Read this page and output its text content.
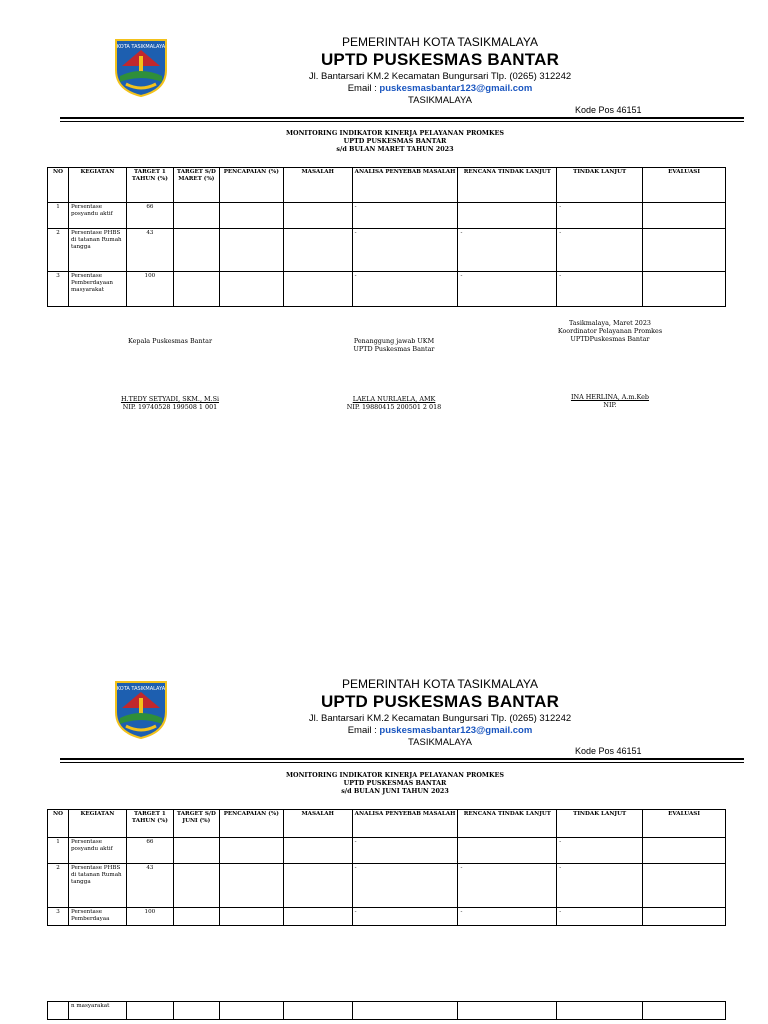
KOTA TASIKMALAYA	PEMERINTAH KOTA TASIKMALAYA
UPTD PUSKESMAS BANTAR
Jl. Bantarsari KM.2 Kecamatan Bungursari Tlp. (0265) 312242
Email : puskesmasbantar123@gmail.com
TASIKMALAYA
Kode Pos 46151
MONITORING INDIKATOR KINERJA PELAYANAN PROMKES
UPTD PUSKESMAS BANTAR
s/d BULAN MARET TAHUN 2023
NO	KEGIATAN	TARGET 1 TAHUN (%)	TARGET S/D MARET (%)	PENCAPAIAN (%)	MASALAH	ANALISA PENYEBAB MASALAH	RENCANA TINDAK LANJUT	TINDAK LANJUT	EVALUASI
1	Persentase posyandu aktif	66				-		-	
2	Persentase PHBS di tatanan Rumah tangga	43				-	-	-	
3	Persentase Pemberdayaan masyarakat	100				-	-	-	
Kepala Puskesmas Bantar
H.TEDY SETYADI, SKM., M.Si
NIP. 19740528 199508 1 001
Penanggung jawab UKM
UPTD Puskesmas Bantar
LAELA NURLAELA, AMK
NIP. 19880415 200501 2 018
Tasikmalaya, Maret 2023
Koordinator Pelayanan Promkes
UPTDPuskesmas Bantar
INA HERLINA, A.m.Keb
NIP.
KOTA TASIKMALAYA	PEMERINTAH KOTA TASIKMALAYA
UPTD PUSKESMAS BANTAR
Jl. Bantarsari KM.2 Kecamatan Bungursari Tlp. (0265) 312242
Email : puskesmasbantar123@gmail.com
TASIKMALAYA
Kode Pos 46151
MONITORING INDIKATOR KINERJA PELAYANAN PROMKES
UPTD PUSKESMAS BANTAR
s/d BULAN JUNI TAHUN 2023
NO	KEGIATAN	TARGET 1 TAHUN (%)	TARGET S/D JUNI (%)	PENCAPAIAN (%)	MASALAH	ANALISA PENYEBAB MASALAH	RENCANA TINDAK LANJUT	TINDAK LANJUT	EVALUASI
1	Persentase posyandu aktif	66				-		-	
2	Persentase PHBS di tatanan Rumah tangga	43				-	-	-	
3	Persentase Pemberdayaa	100				-	-	-	
	n masyarakat								
